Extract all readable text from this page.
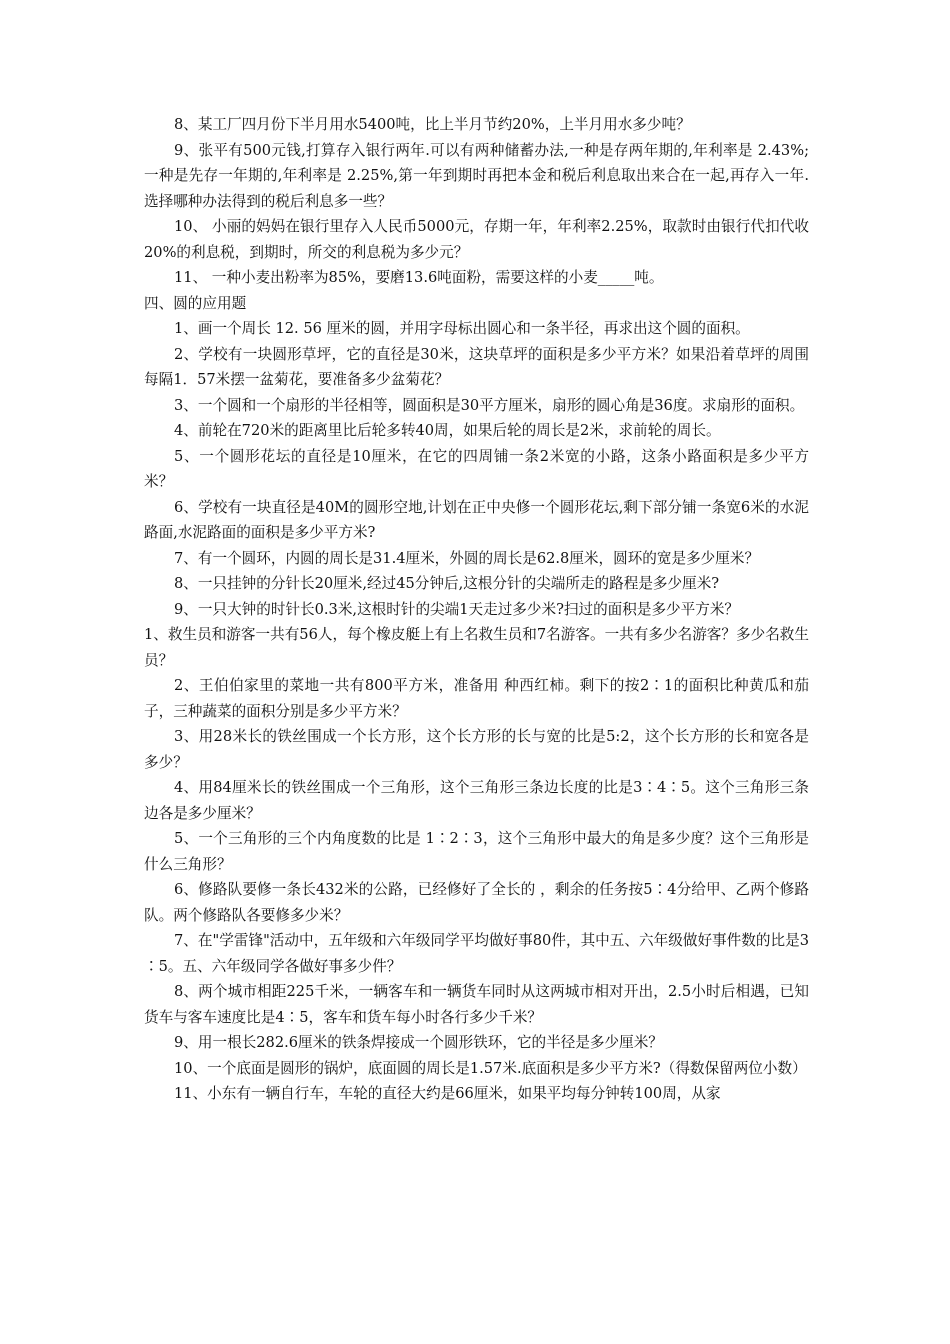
8、某工厂四月份下半月用水5400吨，比上半月节约20%，上半月用水多少吨？

9、张平有500元钱,打算存入银行两年.可以有两种储蓄办法,一种是存两年期的,年利率是 2.43%;一种是先存一年期的,年利率是 2.25%,第一年到期时再把本金和税后利息取出来合在一起,再存入一年.选择哪种办法得到的税后利息多一些？

10、 小丽的妈妈在银行里存入人民币5000元，存期一年，年利率2.25%，取款时由银行代扣代收20%的利息税，到期时，所交的利息税为多少元？

11、 一种小麦出粉率为85%，要磨13.6吨面粉，需要这样的小麦_____吨。

四、圆的应用题

1、画一个周长 12. 56 厘米的圆，并用字母标出圆心和一条半径，再求出这个圆的面积。

2、学校有一块圆形草坪，它的直径是30米，这块草坪的面积是多少平方米？如果沿着草坪的周围每隔1．57米摆一盆菊花，要准备多少盆菊花？

3、一个圆和一个扇形的半径相等，圆面积是30平方厘米，扇形的圆心角是36度。求扇形的面积。

4、前轮在720米的距离里比后轮多转40周，如果后轮的周长是2米，求前轮的周长。

5、一个圆形花坛的直径是10厘米，在它的四周铺一条2米宽的小路，这条小路面积是多少平方米？

6、学校有一块直径是40M的圆形空地,计划在正中央修一个圆形花坛,剩下部分铺一条宽6米的水泥路面,水泥路面的面积是多少平方米?

7、有一个圆环，内圆的周长是31.4厘米，外圆的周长是62.8厘米，圆环的宽是多少厘米？

8、一只挂钟的分针长20厘米,经过45分钟后,这根分针的尖端所走的路程是多少厘米?

9、一只大钟的时针长0.3米,这根时针的尖端1天走过多少米?扫过的面积是多少平方米？

1、救生员和游客一共有56人，每个橡皮艇上有上名救生员和7名游客。一共有多少名游客？多少名救生员？

2、王伯伯家里的菜地一共有800平方米，准备用 种西红柿。剩下的按2∶1的面积比种黄瓜和茄子，三种蔬菜的面积分别是多少平方米？

3、用28米长的铁丝围成一个长方形，这个长方形的长与宽的比是5:2，这个长方形的长和宽各是多少？

4、用84厘米长的铁丝围成一个三角形，这个三角形三条边长度的比是3∶4∶5。这个三角形三条边各是多少厘米？

5、一个三角形的三个内角度数的比是 1∶2∶3，这个三角形中最大的角是多少度？这个三角形是什么三角形？

6、修路队要修一条长432米的公路，已经修好了全长的 ，剩余的任务按5∶4分给甲、乙两个修路队。两个修路队各要修多少米？

7、在"学雷锋"活动中，五年级和六年级同学平均做好事80件，其中五、六年级做好事件数的比是3∶5。五、六年级同学各做好事多少件？

8、两个城市相距225千米，一辆客车和一辆货车同时从这两城市相对开出，2.5小时后相遇，已知货车与客车速度比是4∶5，客车和货车每小时各行多少千米？

9、用一根长282.6厘米的铁条焊接成一个圆形铁环，它的半径是多少厘米？

10、一个底面是圆形的锅炉，底面圆的周长是1.57米.底面积是多少平方米?（得数保留两位小数）

11、小东有一辆自行车，车轮的直径大约是66厘米，如果平均每分钟转100周，从家
